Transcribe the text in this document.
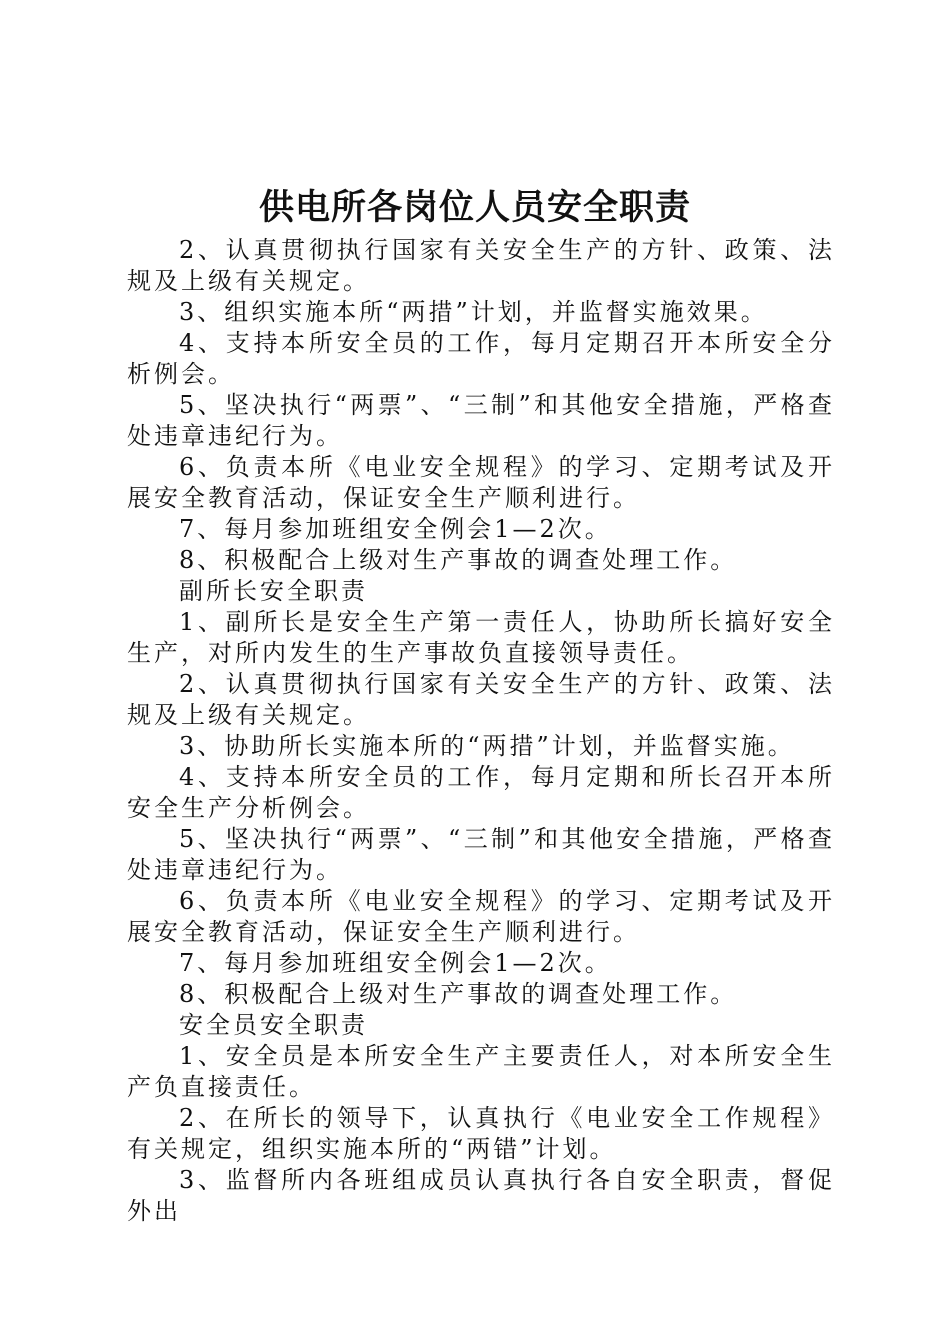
供电所各岗位人员安全职责

2、认真贯彻执行国家有关安全生产的方针、政策、法规及上级有关规定。

3、组织实施本所“两措”计划，并监督实施效果。

4、支持本所安全员的工作，每月定期召开本所安全分析例会。

5、坚决执行“两票”、“三制”和其他安全措施，严格查处违章违纪行为。

6、负责本所《电业安全规程》的学习、定期考试及开展安全教育活动，保证安全生产顺利进行。

7、每月参加班组安全例会1—2次。

8、积极配合上级对生产事故的调查处理工作。

副所长安全职责

1、副所长是安全生产第一责任人，协助所长搞好安全生产，对所内发生的生产事故负直接领导责任。

2、认真贯彻执行国家有关安全生产的方针、政策、法规及上级有关规定。

3、协助所长实施本所的“两措”计划，并监督实施。

4、支持本所安全员的工作，每月定期和所长召开本所安全生产分析例会。

5、坚决执行“两票”、“三制”和其他安全措施，严格查处违章违纪行为。

6、负责本所《电业安全规程》的学习、定期考试及开展安全教育活动，保证安全生产顺利进行。

7、每月参加班组安全例会1—2次。

8、积极配合上级对生产事故的调查处理工作。

安全员安全职责

1、安全员是本所安全生产主要责任人，对本所安全生产负直接责任。

2、在所长的领导下，认真执行《电业安全工作规程》有关规定，组织实施本所的“两错”计划。

3、监督所内各班组成员认真执行各自安全职责，督促外出
